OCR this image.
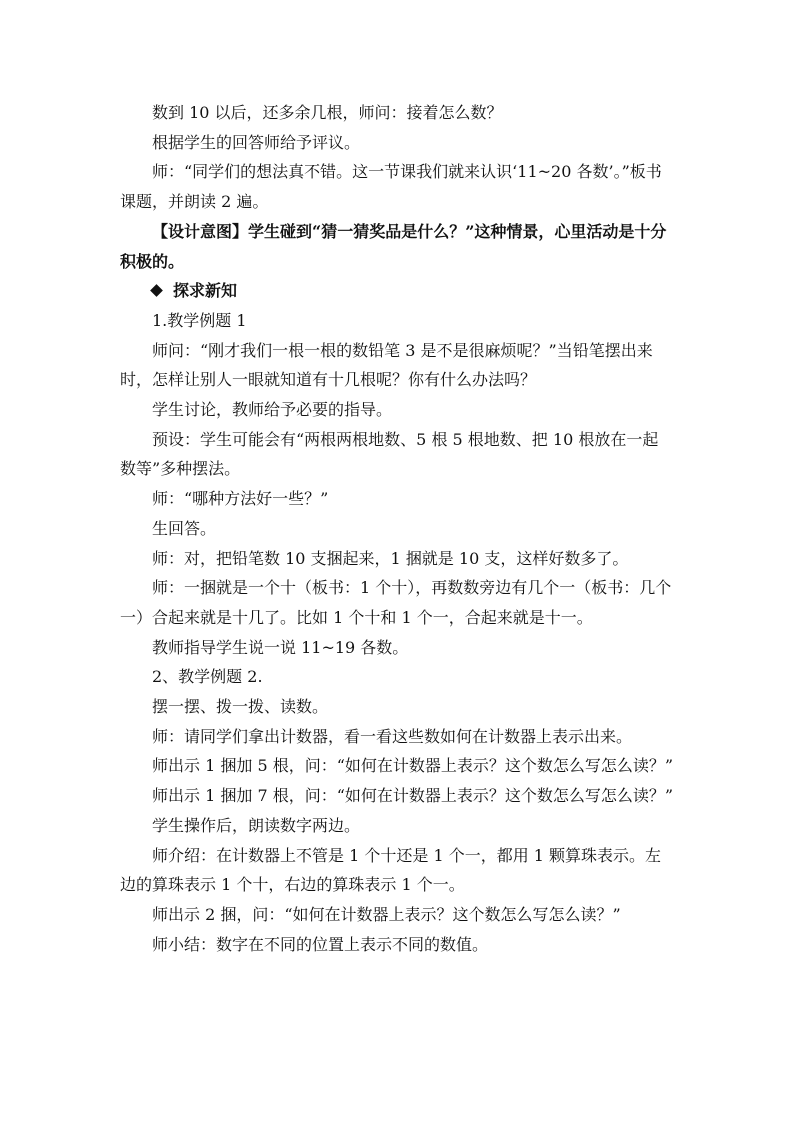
数到 10 以后，还多余几根，师问：接着怎么数？

根据学生的回答师给予评议。

师：“同学们的想法真不错。这一节课我们就来认识‘11~20 各数’。”板书课题，并朗读 2 遍。

【设计意图】学生碰到“猜一猜奖品是什么？”这种情景，心里活动是十分积极的。

探求新知

1.教学例题 1

师问：“刚才我们一根一根的数铅笔 3 是不是很麻烦呢？”当铅笔摆出来时，怎样让别人一眼就知道有十几根呢？你有什么办法吗？

学生讨论，教师给予必要的指导。

预设：学生可能会有“两根两根地数、5 根 5 根地数、把 10 根放在一起数等”多种摆法。

师：“哪种方法好一些？”

生回答。

师：对，把铅笔数 10 支捆起来，1 捆就是 10 支，这样好数多了。

师：一捆就是一个十（板书：1 个十），再数数旁边有几个一（板书：几个一）合起来就是十几了。比如 1 个十和 1 个一，合起来就是十一。

教师指导学生说一说 11~19 各数。

2、教学例题 2.

摆一摆、拨一拨、读数。

师：请同学们拿出计数器，看一看这些数如何在计数器上表示出来。

师出示 1 捆加 5 根，问：“如何在计数器上表示？这个数怎么写怎么读？”

师出示 1 捆加 7 根，问：“如何在计数器上表示？这个数怎么写怎么读？”

学生操作后，朗读数字两边。

师介绍：在计数器上不管是 1 个十还是 1 个一，都用 1 颗算珠表示。左边的算珠表示 1 个十，右边的算珠表示 1 个一。

师出示 2 捆，问：“如何在计数器上表示？这个数怎么写怎么读？”

师小结：数字在不同的位置上表示不同的数值。
